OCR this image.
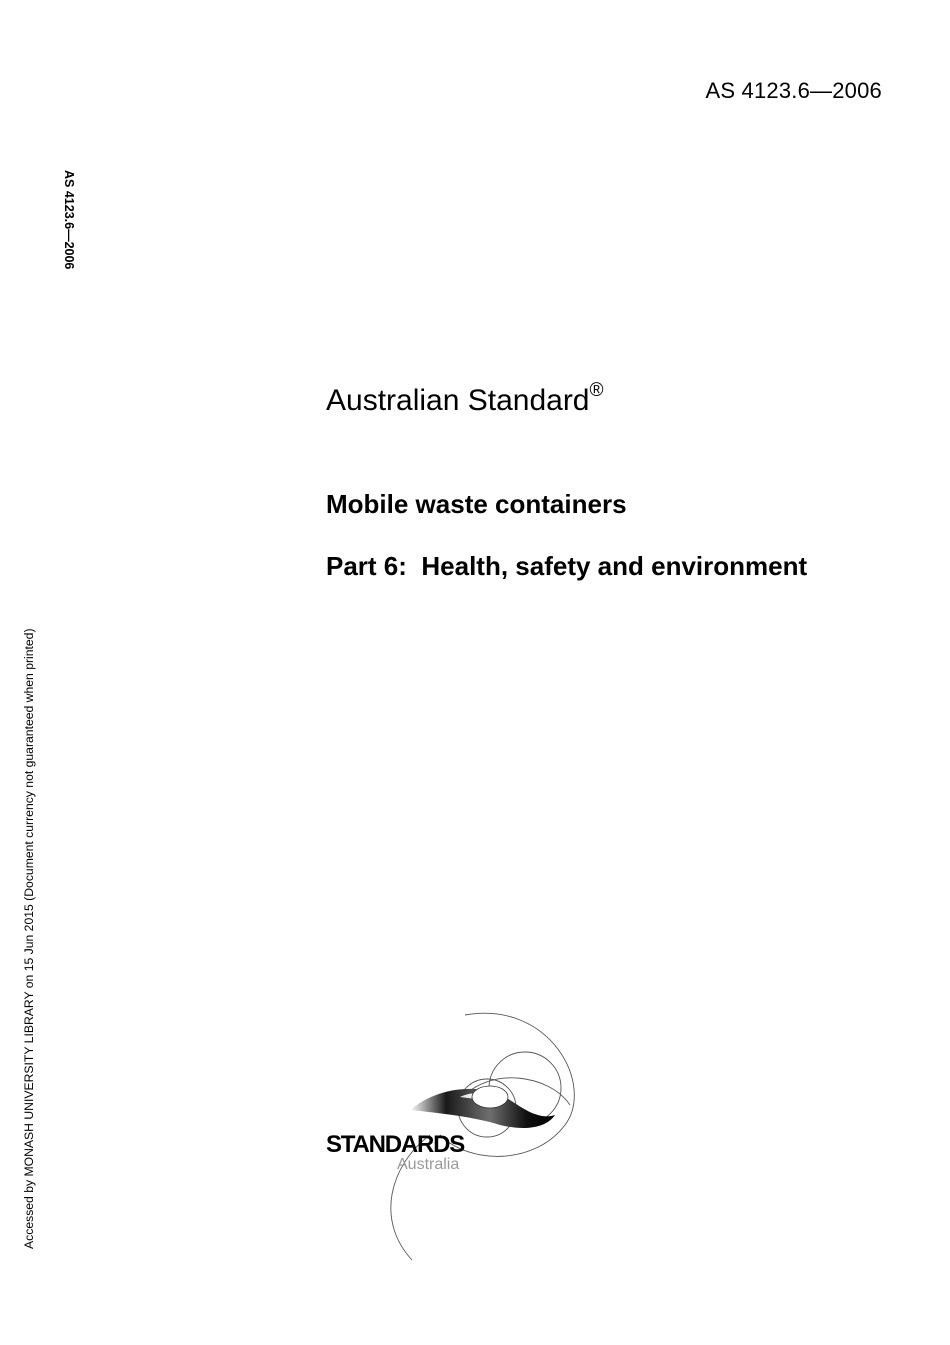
AS 4123.6—2006
AS 4123.6—2006
Accessed by MONASH UNIVERSITY LIBRARY on 15 Jun 2015 (Document currency not guaranteed when printed)
Australian Standard®
Mobile waste containers
Part 6: Health, safety and environment
STANDARDS
Australia
